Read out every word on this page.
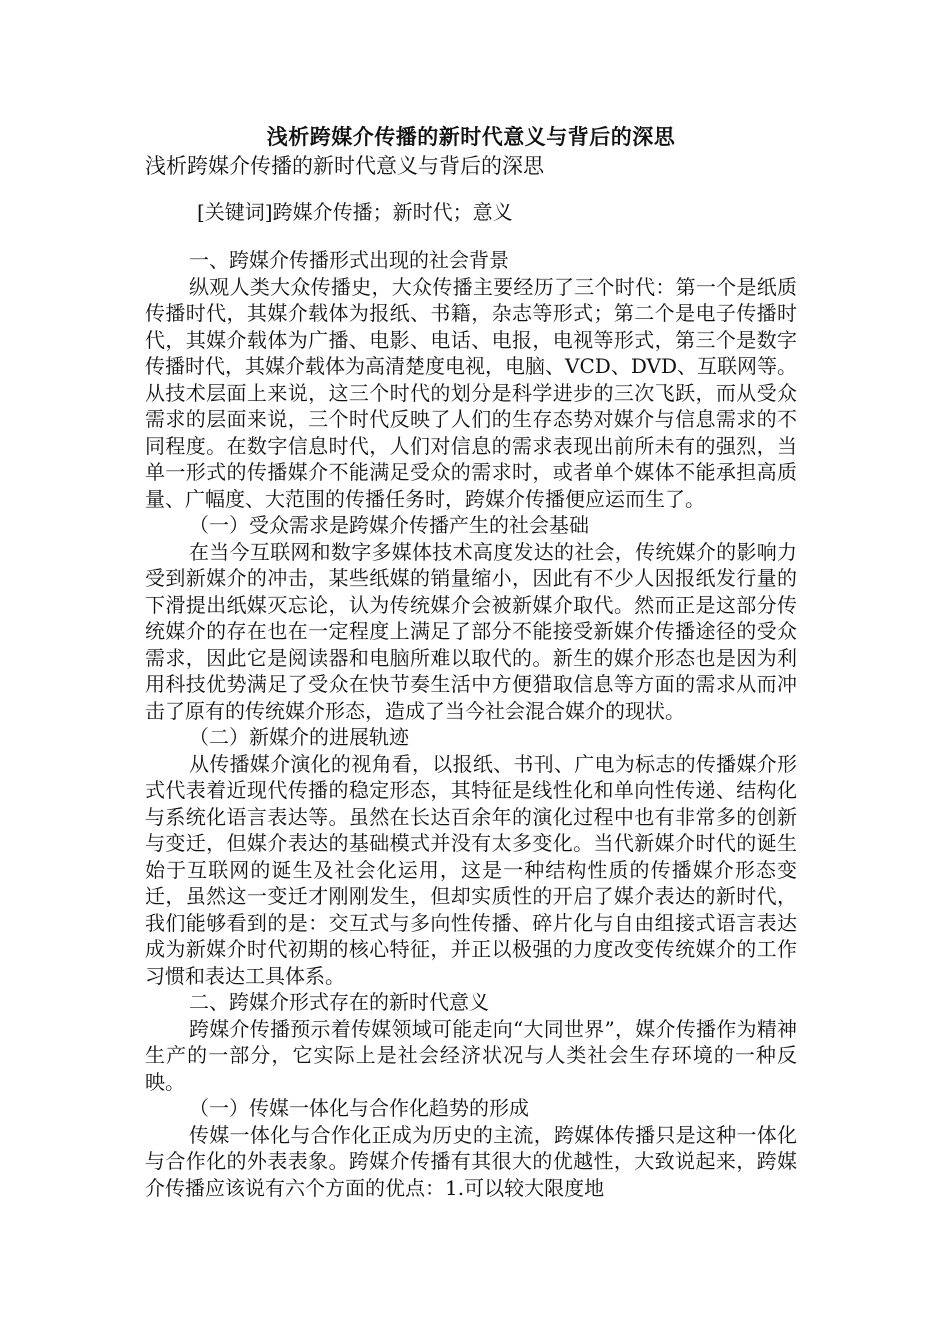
浅析跨媒介传播的新时代意义与背后的深思

浅析跨媒介传播的新时代意义与背后的深思

[关键词]跨媒介传播；新时代；意义

一、跨媒介传播形式出现的社会背景

纵观人类大众传播史，大众传播主要经历了三个时代：第一个是纸质传播时代，其媒介载体为报纸、书籍，杂志等形式；第二个是电子传播时代，其媒介载体为广播、电影、电话、电报，电视等形式，第三个是数字传播时代，其媒介载体为高清楚度电视，电脑、VCD、DVD、互联网等。从技术层面上来说，这三个时代的划分是科学进步的三次飞跃，而从受众需求的层面来说，三个时代反映了人们的生存态势对媒介与信息需求的不同程度。在数字信息时代，人们对信息的需求表现出前所未有的强烈，当单一形式的传播媒介不能满足受众的需求时，或者单个媒体不能承担高质量、广幅度、大范围的传播任务时，跨媒介传播便应运而生了。

（一）受众需求是跨媒介传播产生的社会基础

在当今互联网和数字多媒体技术高度发达的社会，传统媒介的影响力受到新媒介的冲击，某些纸媒的销量缩小，因此有不少人因报纸发行量的下滑提出纸媒灭忘论，认为传统媒介会被新媒介取代。然而正是这部分传统媒介的存在也在一定程度上满足了部分不能接受新媒介传播途径的受众需求，因此它是阅读器和电脑所难以取代的。新生的媒介形态也是因为利用科技优势满足了受众在快节奏生活中方便猎取信息等方面的需求从而冲击了原有的传统媒介形态，造成了当今社会混合媒介的现状。

（二）新媒介的进展轨迹

从传播媒介演化的视角看，以报纸、书刊、广电为标志的传播媒介形式代表着近现代传播的稳定形态，其特征是线性化和单向性传递、结构化与系统化语言表达等。虽然在长达百余年的演化过程中也有非常多的创新与变迁，但媒介表达的基础模式并没有太多变化。当代新媒介时代的诞生始于互联网的诞生及社会化运用，这是一种结构性质的传播媒介形态变迁，虽然这一变迁才刚刚发生，但却实质性的开启了媒介表达的新时代，我们能够看到的是：交互式与多向性传播、碎片化与自由组接式语言表达成为新媒介时代初期的核心特征，并正以极强的力度改变传统媒介的工作习惯和表达工具体系。

二、跨媒介形式存在的新时代意义

跨媒介传播预示着传媒领域可能走向“大同世界”，媒介传播作为精神生产的一部分，它实际上是社会经济状况与人类社会生存环境的一种反映。

（一）传媒一体化与合作化趋势的形成

传媒一体化与合作化正成为历史的主流，跨媒体传播只是这种一体化与合作化的外表表象。跨媒介传播有其很大的优越性，大致说起来，跨媒介传播应该说有六个方面的优点：1.可以较大限度地
